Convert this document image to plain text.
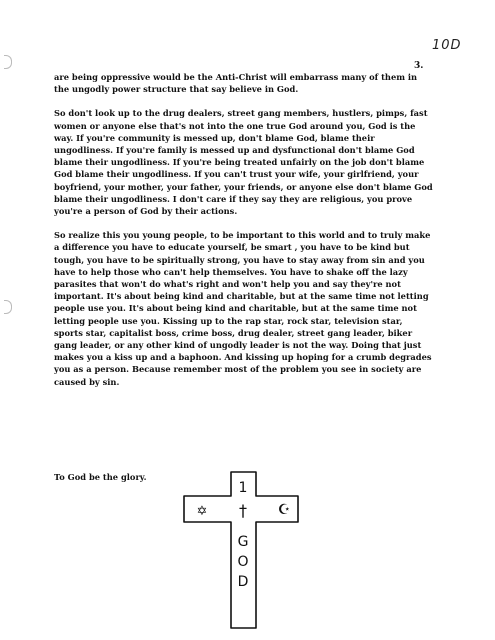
10D
3.

are being oppressive would be the Anti-Christ will embarrass many of them in the ungodly power structure that say believe in God.

So don't look up to the drug dealers, street gang members, hustlers, pimps, fast women or anyone else that's not into the one true God around you, God is the way. If you're community is messed up, don't blame God, blame their ungodliness. If you're family is messed up and dysfunctional don't blame God blame their ungodliness. If you're being treated unfairly on the job don't blame God blame their ungodliness. If you can't trust your wife, your girlfriend, your boyfriend, your mother, your father, your friends, or anyone else don't blame God blame their ungodliness. I don't care if they say they are religious, you prove you're a person of God by their actions.

So realize this you young people, to be important to this world and to truly make a difference you have to educate yourself, be smart , you have to be kind but tough, you have to be spiritually strong, you have to stay away from sin and you have to help those who can't help themselves. You have to shake off the lazy parasites that won't do what's right and won't help you and say they're not important. It's about being kind and charitable, but at the same time not letting people use you. It's about being kind and charitable, but at the same time not letting people use you. Kissing up to the rap star, rock star, television star, sports star, capitalist boss, crime boss, drug dealer, street gang leader, biker gang leader, or any other kind of ungodly leader is not the way. Doing that just makes you a kiss up and a baphoon. And kissing up hoping for a crumb degrades you as a person. Because remember most of the problem you see in society are caused by sin.

To God be the glory.
1
†
✡	☪
G
O
D
